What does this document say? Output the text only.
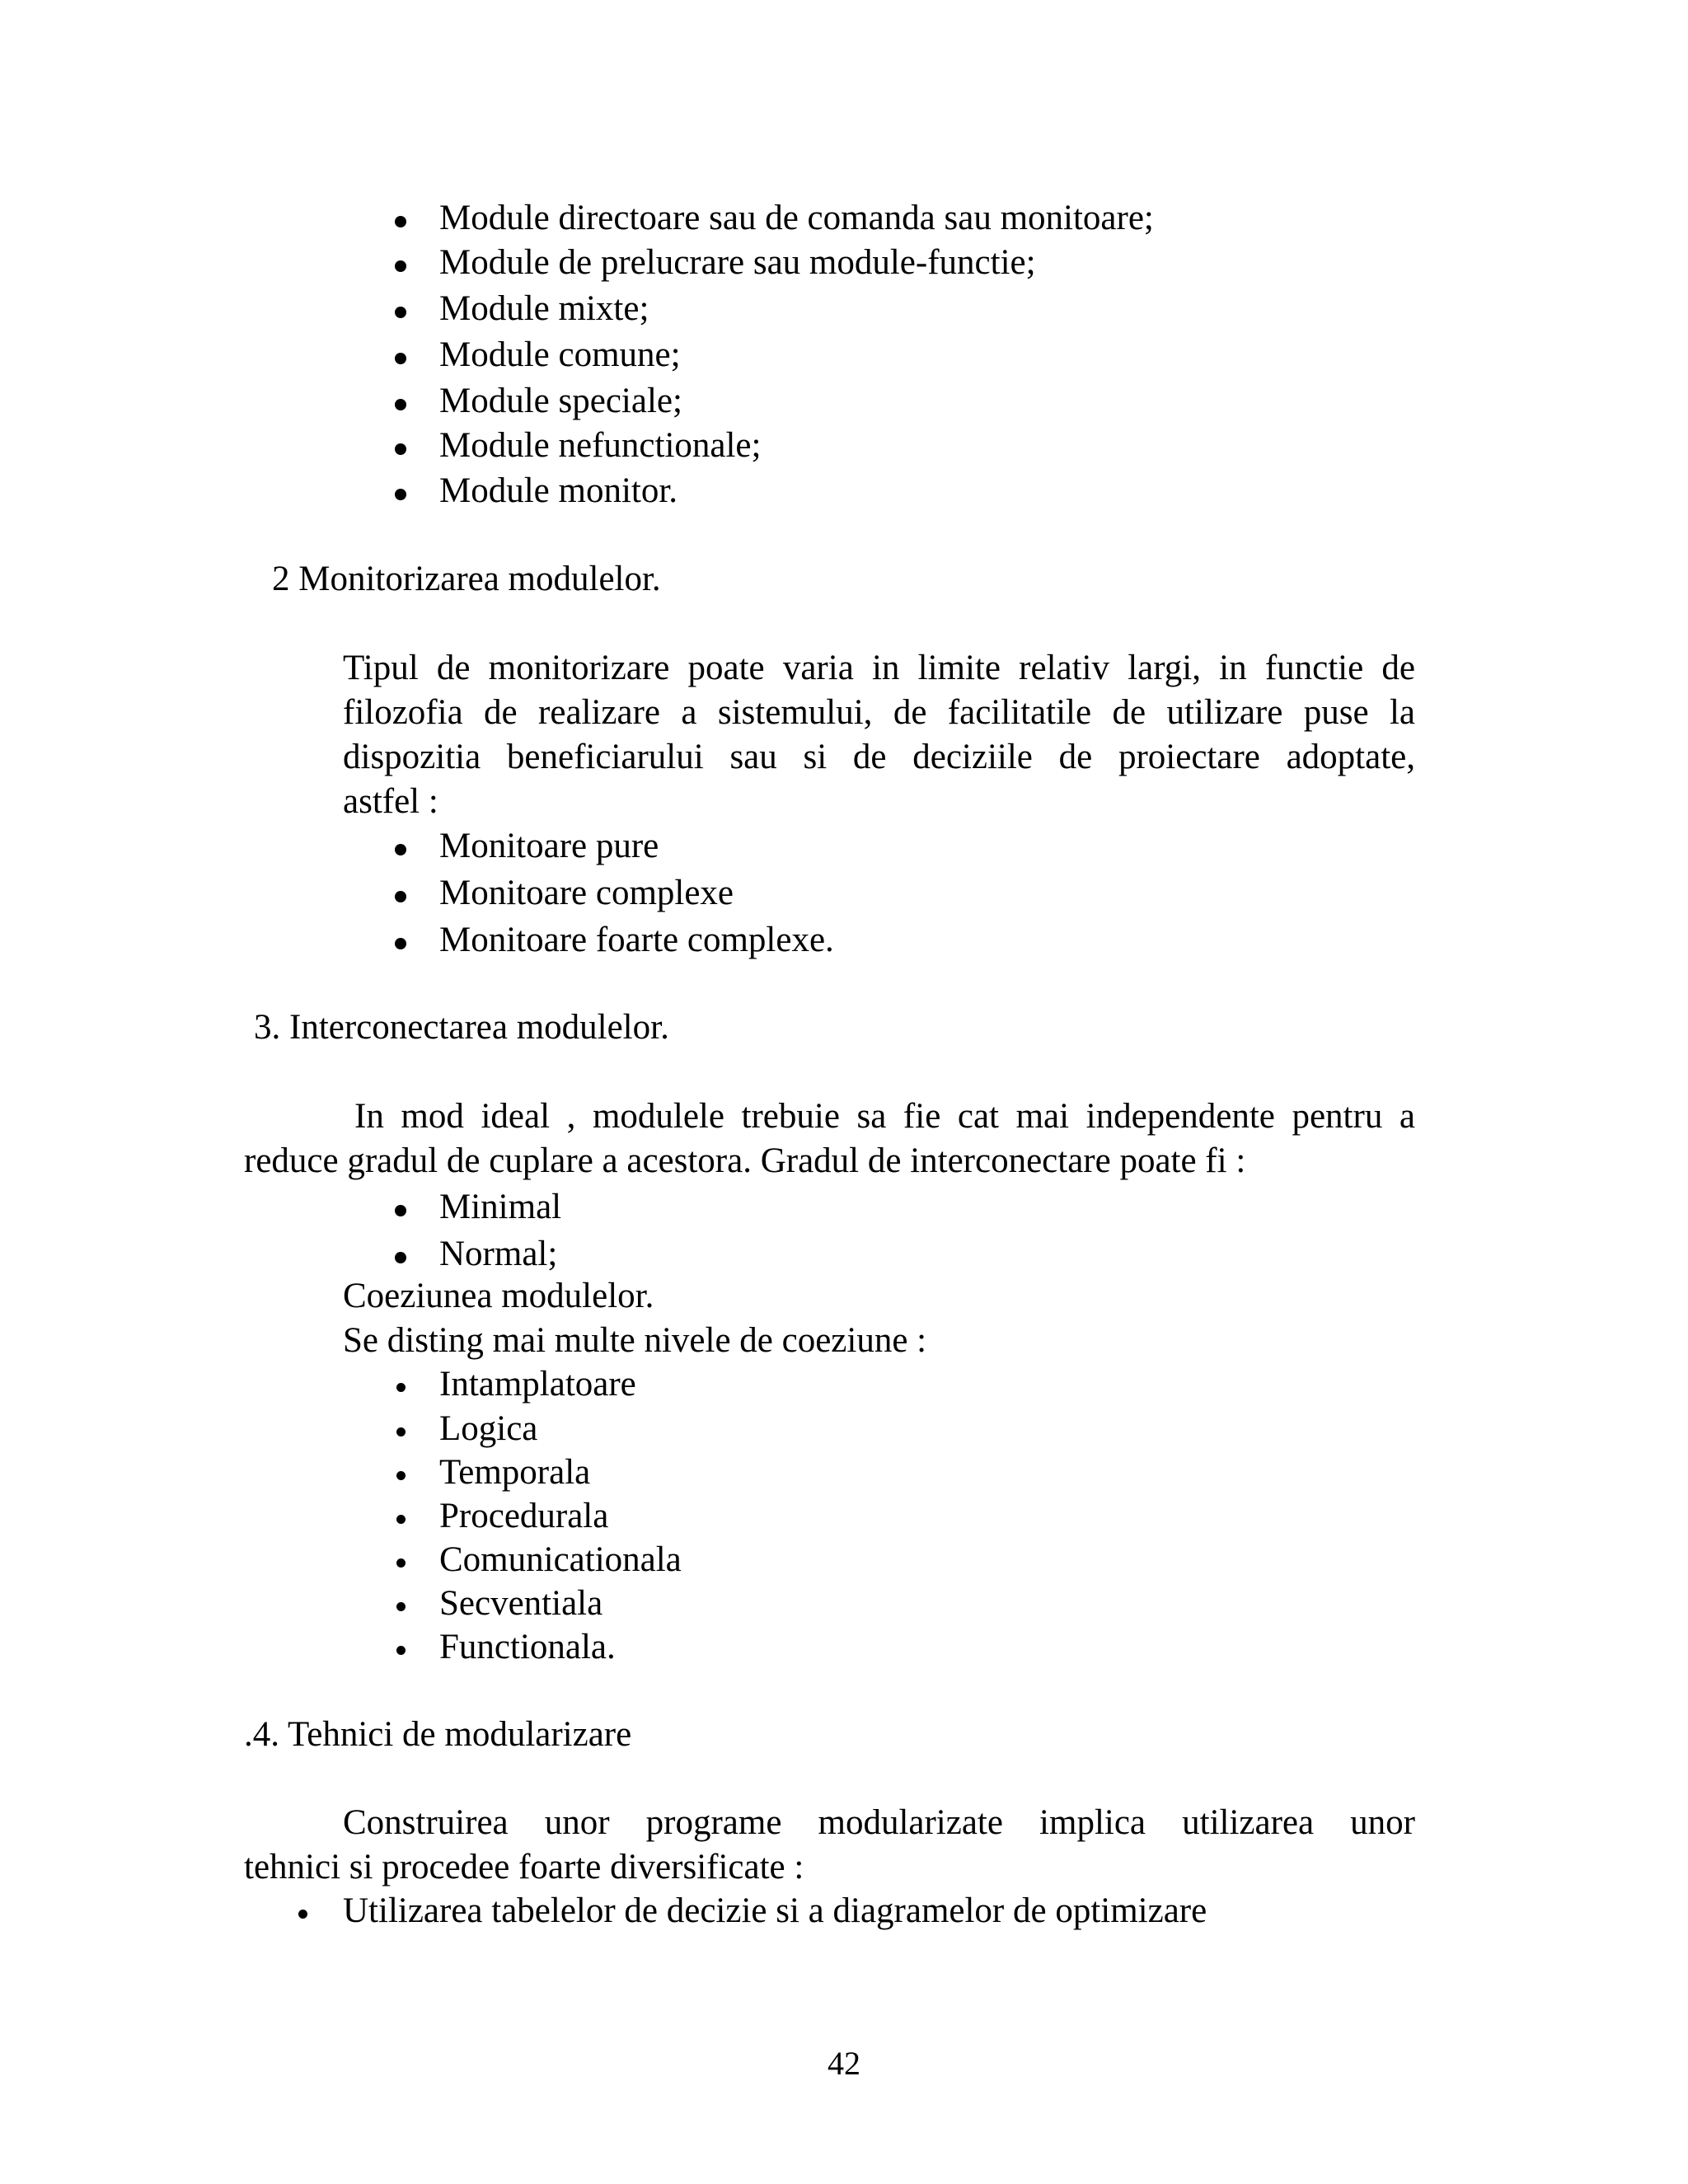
Module directoare sau de comanda sau monitoare;
Module de prelucrare sau module-functie;
Module mixte;
Module comune;
Module speciale;
Module nefunctionale;
Module monitor.
2 Monitorizarea modulelor.
Tipul de monitorizare poate varia in limite relativ largi, in functie de
filozofia de realizare a sistemului, de facilitatile de utilizare puse la
dispozitia beneficiarului sau si de deciziile de proiectare adoptate,
astfel :
Monitoare pure
Monitoare complexe
Monitoare foarte complexe.
3. Interconectarea modulelor.
In mod ideal , modulele trebuie sa fie cat mai independente pentru a
reduce gradul de cuplare a acestora. Gradul de interconectare poate fi :
Minimal
Normal;
Coeziunea modulelor.
Se disting mai multe nivele de coeziune :
Intamplatoare
Logica
Temporala
Procedurala
Comunicationala
Secventiala
Functionala.
.4. Tehnici de modularizare
Construirea unor programe modularizate implica utilizarea unor
tehnici si procedee foarte diversificate :
Utilizarea tabelelor de decizie si a diagramelor de optimizare
42
